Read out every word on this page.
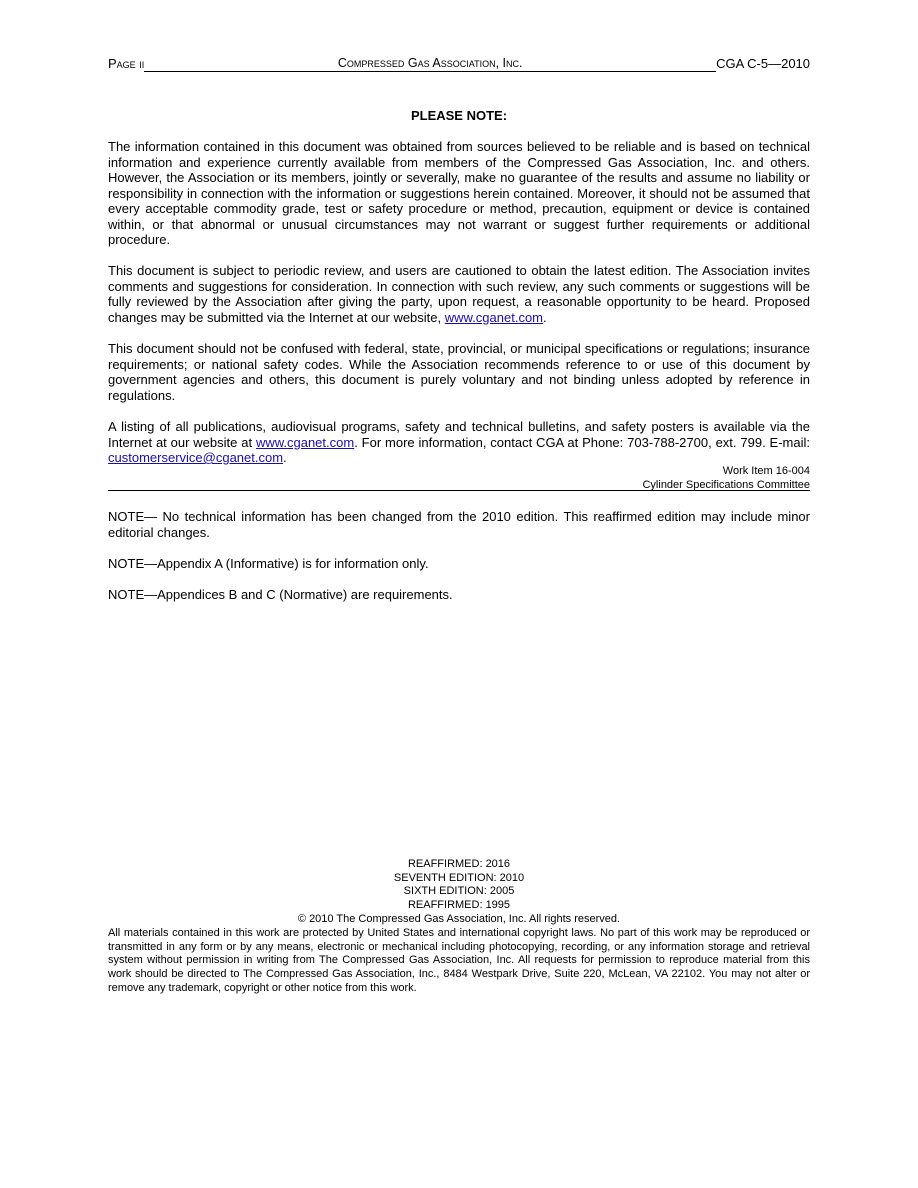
Page ii	Compressed Gas Association, Inc.	CGA C-5—2010
PLEASE NOTE:

The information contained in this document was obtained from sources believed to be reliable and is based on technical information and experience currently available from members of the Compressed Gas Association, Inc. and others. However, the Association or its members, jointly or severally, make no guarantee of the results and assume no liability or responsibility in connection with the information or suggestions herein contained. Moreover, it should not be assumed that every acceptable commodity grade, test or safety procedure or method, precaution, equipment or device is contained within, or that abnormal or unusual circumstances may not warrant or suggest further requirements or additional procedure.

This document is subject to periodic review, and users are cautioned to obtain the latest edition. The Association invites comments and suggestions for consideration. In connection with such review, any such comments or suggestions will be fully reviewed by the Association after giving the party, upon request, a reasonable opportunity to be heard. Proposed changes may be submitted via the Internet at our website, www.cganet.com.

This document should not be confused with federal, state, provincial, or municipal specifications or regulations; insurance requirements; or national safety codes. While the Association recommends reference to or use of this document by government agencies and others, this document is purely voluntary and not binding unless adopted by reference in regulations.

A listing of all publications, audiovisual programs, safety and technical bulletins, and safety posters is available via the Internet at our website at www.cganet.com. For more information, contact CGA at Phone: 703-788-2700, ext. 799. E-mail: customerservice@cganet.com.

Work Item 16-004
Cylinder Specifications Committee

NOTE— No technical information has been changed from the 2010 edition. This reaffirmed edition may include minor editorial changes.

NOTE—Appendix A (Informative) is for information only.

NOTE—Appendices B and C (Normative) are requirements.

REAFFIRMED: 2016
SEVENTH EDITION: 2010
SIXTH EDITION: 2005
REAFFIRMED: 1995
© 2010 The Compressed Gas Association, Inc. All rights reserved.
All materials contained in this work are protected by United States and international copyright laws. No part of this work may be reproduced or transmitted in any form or by any means, electronic or mechanical including photocopying, recording, or any information storage and retrieval system without permission in writing from The Compressed Gas Association, Inc. All requests for permission to reproduce material from this work should be directed to The Compressed Gas Association, Inc., 8484 Westpark Drive, Suite 220, McLean, VA 22102. You may not alter or remove any trademark, copyright or other notice from this work.
